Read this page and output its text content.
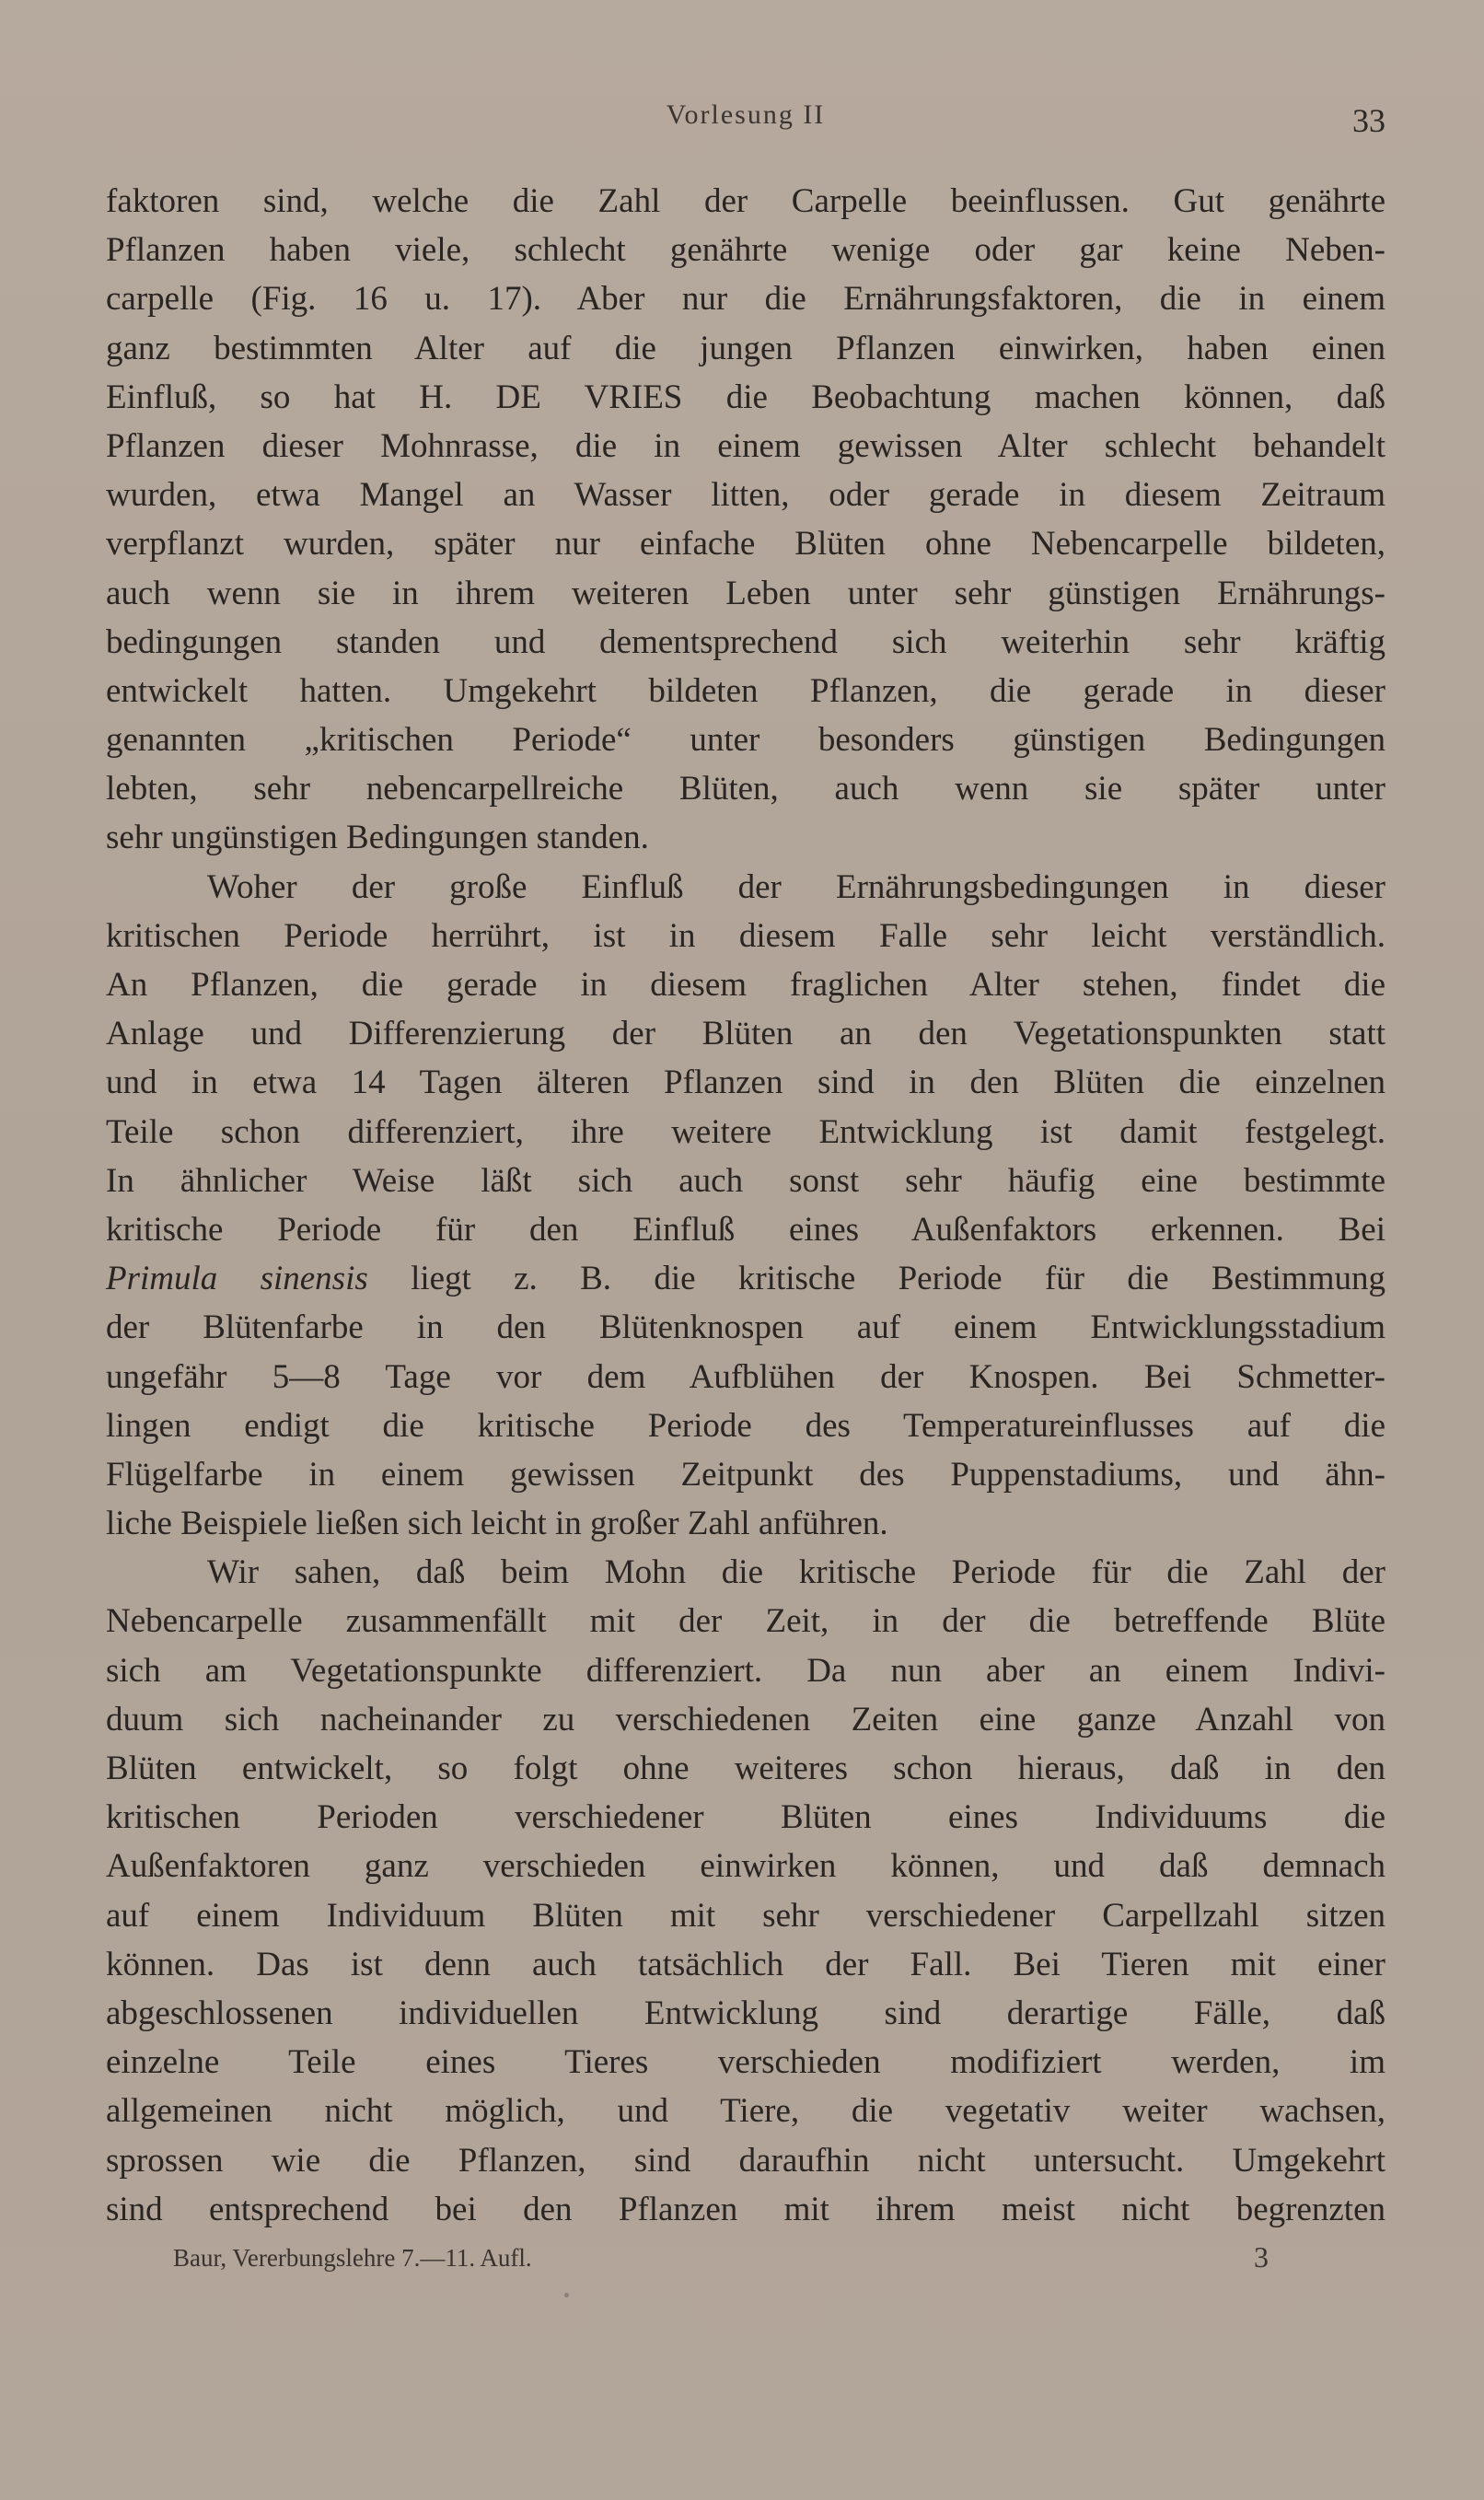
Vorlesung II	33
faktoren sind, welche die Zahl der Carpelle beeinflussen. Gut genährte
Pflanzen haben viele, schlecht genährte wenige oder gar keine Neben-
carpelle (Fig. 16 u. 17). Aber nur die Ernährungsfaktoren, die in einem
ganz bestimmten Alter auf die jungen Pflanzen einwirken, haben einen
Einfluß, so hat H. DE VRIES die Beobachtung machen können, daß
Pflanzen dieser Mohnrasse, die in einem gewissen Alter schlecht behandelt
wurden, etwa Mangel an Wasser litten, oder gerade in diesem Zeitraum
verpflanzt wurden, später nur einfache Blüten ohne Nebencarpelle bildeten,
auch wenn sie in ihrem weiteren Leben unter sehr günstigen Ernährungs-
bedingungen standen und dementsprechend sich weiterhin sehr kräftig
entwickelt hatten. Umgekehrt bildeten Pflanzen, die gerade in dieser
genannten „kritischen Periode“ unter besonders günstigen Bedingungen
lebten, sehr nebencarpellreiche Blüten, auch wenn sie später unter
sehr ungünstigen Bedingungen standen.
Woher der große Einfluß der Ernährungsbedingungen in dieser
kritischen Periode herrührt, ist in diesem Falle sehr leicht verständlich.
An Pflanzen, die gerade in diesem fraglichen Alter stehen, findet die
Anlage und Differenzierung der Blüten an den Vegetationspunkten statt
und in etwa 14 Tagen älteren Pflanzen sind in den Blüten die einzelnen
Teile schon differenziert, ihre weitere Entwicklung ist damit festgelegt.
In ähnlicher Weise läßt sich auch sonst sehr häufig eine bestimmte
kritische Periode für den Einfluß eines Außenfaktors erkennen. Bei
Primula sinensis liegt z. B. die kritische Periode für die Bestimmung
der Blütenfarbe in den Blütenknospen auf einem Entwicklungsstadium
ungefähr 5—8 Tage vor dem Aufblühen der Knospen. Bei Schmetter-
lingen endigt die kritische Periode des Temperatureinflusses auf die
Flügelfarbe in einem gewissen Zeitpunkt des Puppenstadiums, und ähn-
liche Beispiele ließen sich leicht in großer Zahl anführen.
Wir sahen, daß beim Mohn die kritische Periode für die Zahl der
Nebencarpelle zusammenfällt mit der Zeit, in der die betreffende Blüte
sich am Vegetationspunkte differenziert. Da nun aber an einem Indivi-
duum sich nacheinander zu verschiedenen Zeiten eine ganze Anzahl von
Blüten entwickelt, so folgt ohne weiteres schon hieraus, daß in den
kritischen Perioden verschiedener Blüten eines Individuums die
Außenfaktoren ganz verschieden einwirken können, und daß demnach
auf einem Individuum Blüten mit sehr verschiedener Carpellzahl sitzen
können. Das ist denn auch tatsächlich der Fall. Bei Tieren mit einer
abgeschlossenen individuellen Entwicklung sind derartige Fälle, daß
einzelne Teile eines Tieres verschieden modifiziert werden, im
allgemeinen nicht möglich, und Tiere, die vegetativ weiter wachsen,
sprossen wie die Pflanzen, sind daraufhin nicht untersucht. Umgekehrt
sind entsprechend bei den Pflanzen mit ihrem meist nicht begrenzten
Baur, Vererbungslehre 7.—11. Aufl.	3
